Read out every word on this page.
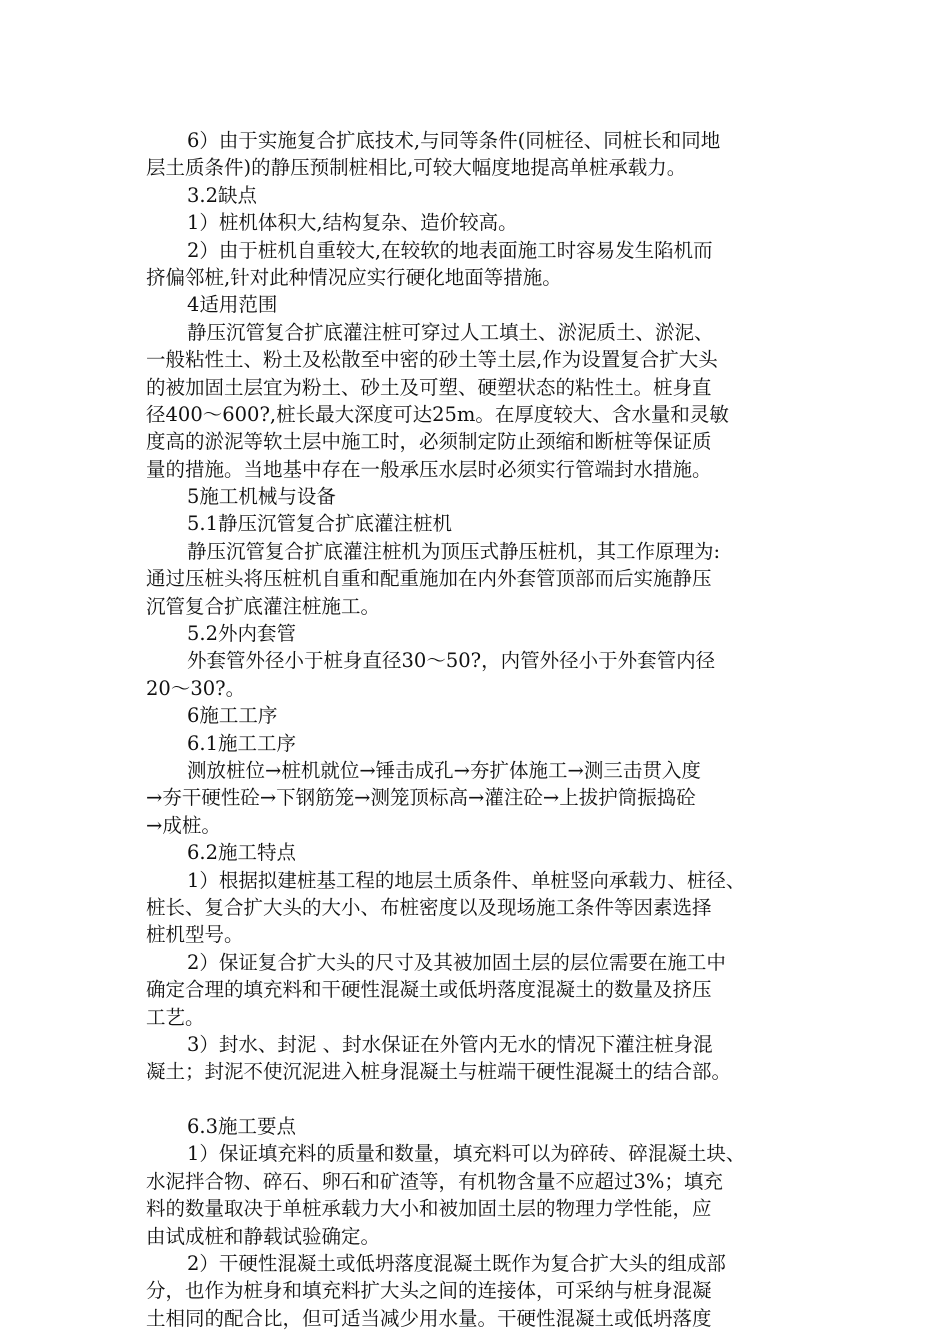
6）由于实施复合扩底技术,与同等条件(同桩径、同桩长和同地
层土质条件)的静压预制桩相比,可较大幅度地提高单桩承载力。
3.2缺点
1）桩机体积大,结构复杂、造价较高。
2）由于桩机自重较大,在较软的地表面施工时容易发生陷机而
挤偏邻桩,针对此种情况应实行硬化地面等措施。
4适用范围
静压沉管复合扩底灌注桩可穿过人工填土、淤泥质土、淤泥、
一般粘性土、粉土及松散至中密的砂土等土层,作为设置复合扩大头
的被加固土层宜为粉土、砂土及可塑、硬塑状态的粘性土。桩身直
径400～600?,桩长最大深度可达25m。在厚度较大、含水量和灵敏
度高的淤泥等软土层中施工时，必须制定防止颈缩和断桩等保证质
量的措施。当地基中存在一般承压水层时必须实行管端封水措施。
5施工机械与设备
5.1静压沉管复合扩底灌注桩机
静压沉管复合扩底灌注桩机为顶压式静压桩机，其工作原理为:
通过压桩头将压桩机自重和配重施加在内外套管顶部而后实施静压
沉管复合扩底灌注桩施工。
5.2外内套管
外套管外径小于桩身直径30～50?，内管外径小于外套管内径
20～30?。
6施工工序
6.1施工工序
测放桩位→桩机就位→锤击成孔→夯扩体施工→测三击贯入度
→夯干硬性砼→下钢筋笼→测笼顶标高→灌注砼→上拔护筒振捣砼
→成桩。
6.2施工特点
1）根据拟建桩基工程的地层土质条件、单桩竖向承载力、桩径、
桩长、复合扩大头的大小、布桩密度以及现场施工条件等因素选择
桩机型号。
2）保证复合扩大头的尺寸及其被加固土层的层位需要在施工中
确定合理的填充料和干硬性混凝土或低坍落度混凝土的数量及挤压
工艺。
3）封水、封泥 、封水保证在外管内无水的情况下灌注桩身混
凝土；封泥不使沉泥进入桩身混凝土与桩端干硬性混凝土的结合部。
6.3施工要点
1）保证填充料的质量和数量，填充料可以为碎砖、碎混凝土块、
水泥拌合物、碎石、卵石和矿渣等，有机物含量不应超过3%；填充
料的数量取决于单桩承载力大小和被加固土层的物理力学性能，应
由试成桩和静载试验确定。
2）干硬性混凝土或低坍落度混凝土既作为复合扩大头的组成部
分，也作为桩身和填充料扩大头之间的连接体，可采纳与桩身混凝
土相同的配合比，但可适当减少用水量。干硬性混凝土或低坍落度
